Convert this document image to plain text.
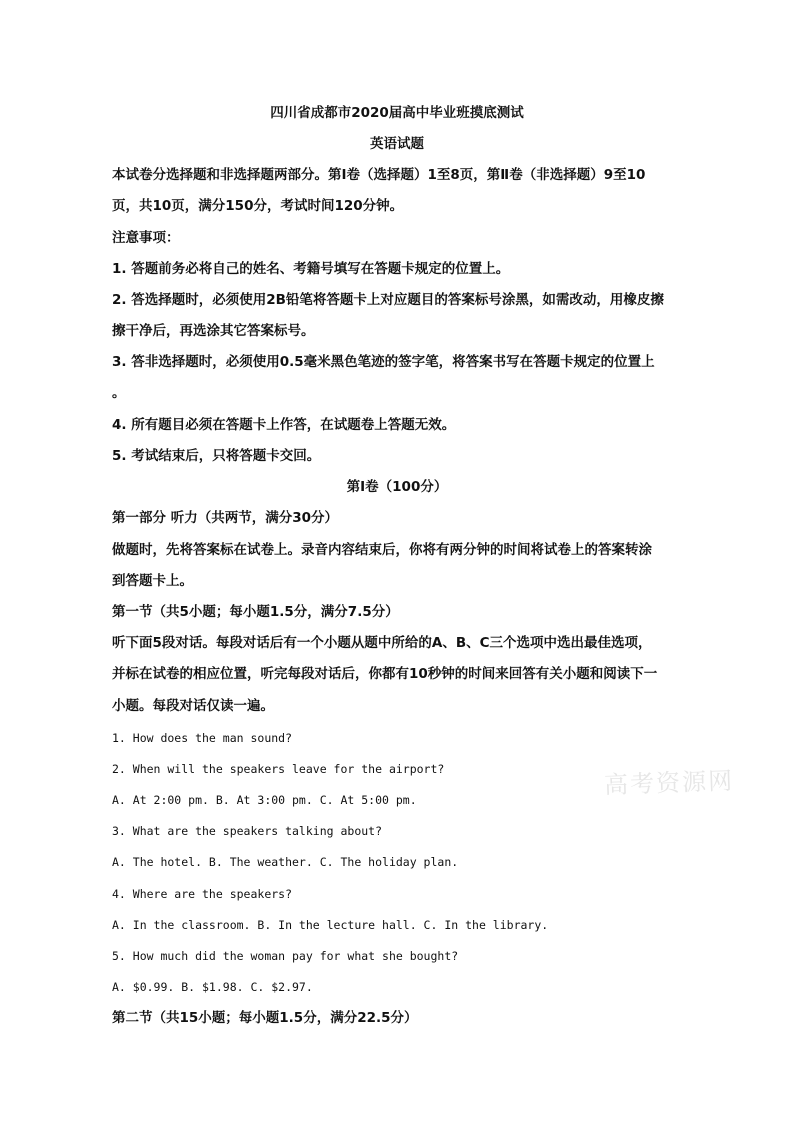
四川省成都市2020届高中毕业班摸底测试
英语试题
本试卷分选择题和非选择题两部分。第Ⅰ卷（选择题）1至8页，第Ⅱ卷（非选择题）9至10
页，共10页，满分150分，考试时间120分钟。
注意事项：
1. 答题前务必将自己的姓名、考籍号填写在答题卡规定的位置上。
2. 答选择题时，必须使用2B铅笔将答题卡上对应题目的答案标号涂黑，如需改动，用橡皮擦
擦干净后，再选涂其它答案标号。
3. 答非选择题时，必须使用0.5毫米黑色笔迹的签字笔，将答案书写在答题卡规定的位置上
。
4. 所有题目必须在答题卡上作答，在试题卷上答题无效。
5. 考试结束后，只将答题卡交回。
第Ⅰ卷（100分）
第一部分 听力（共两节，满分30分）
做题时，先将答案标在试卷上。录音内容结束后，你将有两分钟的时间将试卷上的答案转涂
到答题卡上。
第一节（共5小题；每小题1.5分，满分7.5分）
听下面5段对话。每段对话后有一个小题从题中所给的A、B、C三个选项中选出最佳选项，
并标在试卷的相应位置，听完每段对话后，你都有10秒钟的时间来回答有关小题和阅读下一
小题。每段对话仅读一遍。
1. How does the man sound?
2. When will the speakers leave for the airport?
A. At 2:00 pm. B. At 3:00 pm. C. At 5:00 pm.
3. What are the speakers talking about?
A. The hotel. B. The weather. C. The holiday plan.
4. Where are the speakers?
A. In the classroom. B. In the lecture hall. C. In the library.
5. How much did the woman pay for what she bought?
A. $0.99. B. $1.98. C. $2.97.
第二节（共15小题；每小题1.5分，满分22.5分）
高考资源网
